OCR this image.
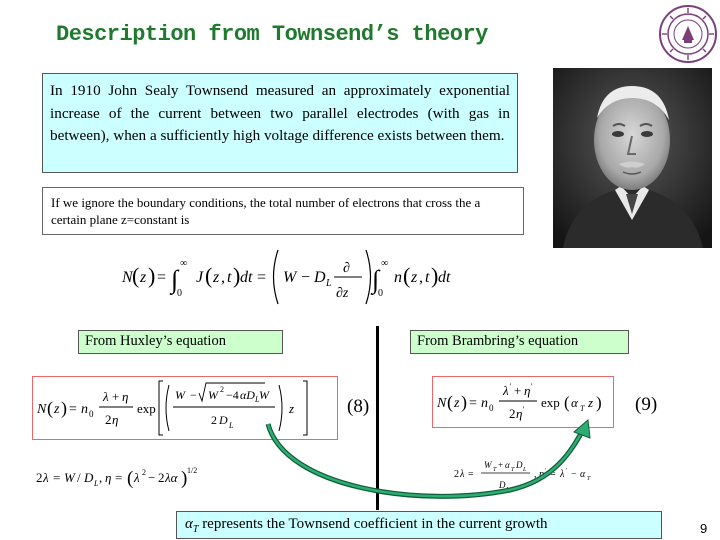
Description from Townsend’s theory
In 1910 John Sealy Townsend measured an approximately exponential increase of the current between two parallel electrodes (with gas in between), when a sufficiently high voltage difference exists between them.
If we ignore the boundary conditions, the total number of electrons that cross the a certain plane z=constant is
N ( z ) = ∫
∞
0
J ( z , t ) dt = W − D L
∂
∂z ∫
∞
0
n ( z , t ) dt
From Huxley’s equation	From Brambring’s equation
N ( z ) = n 0
λ + η
2 η
exp
W − W 2 −4 αD L W
2 D L
z	(8)	N ( z ) = n 0
λ ' + η '
2 η ' exp ( α T z ) (9)
2 λ = W / D L , η = ( λ 2 − 2 λα ) 1/2	2 λ =
W T + α T D L
D L
, η ' = λ ' − α T
$\alpha_T$ represents the Townsend coefficient in the current growth	9
